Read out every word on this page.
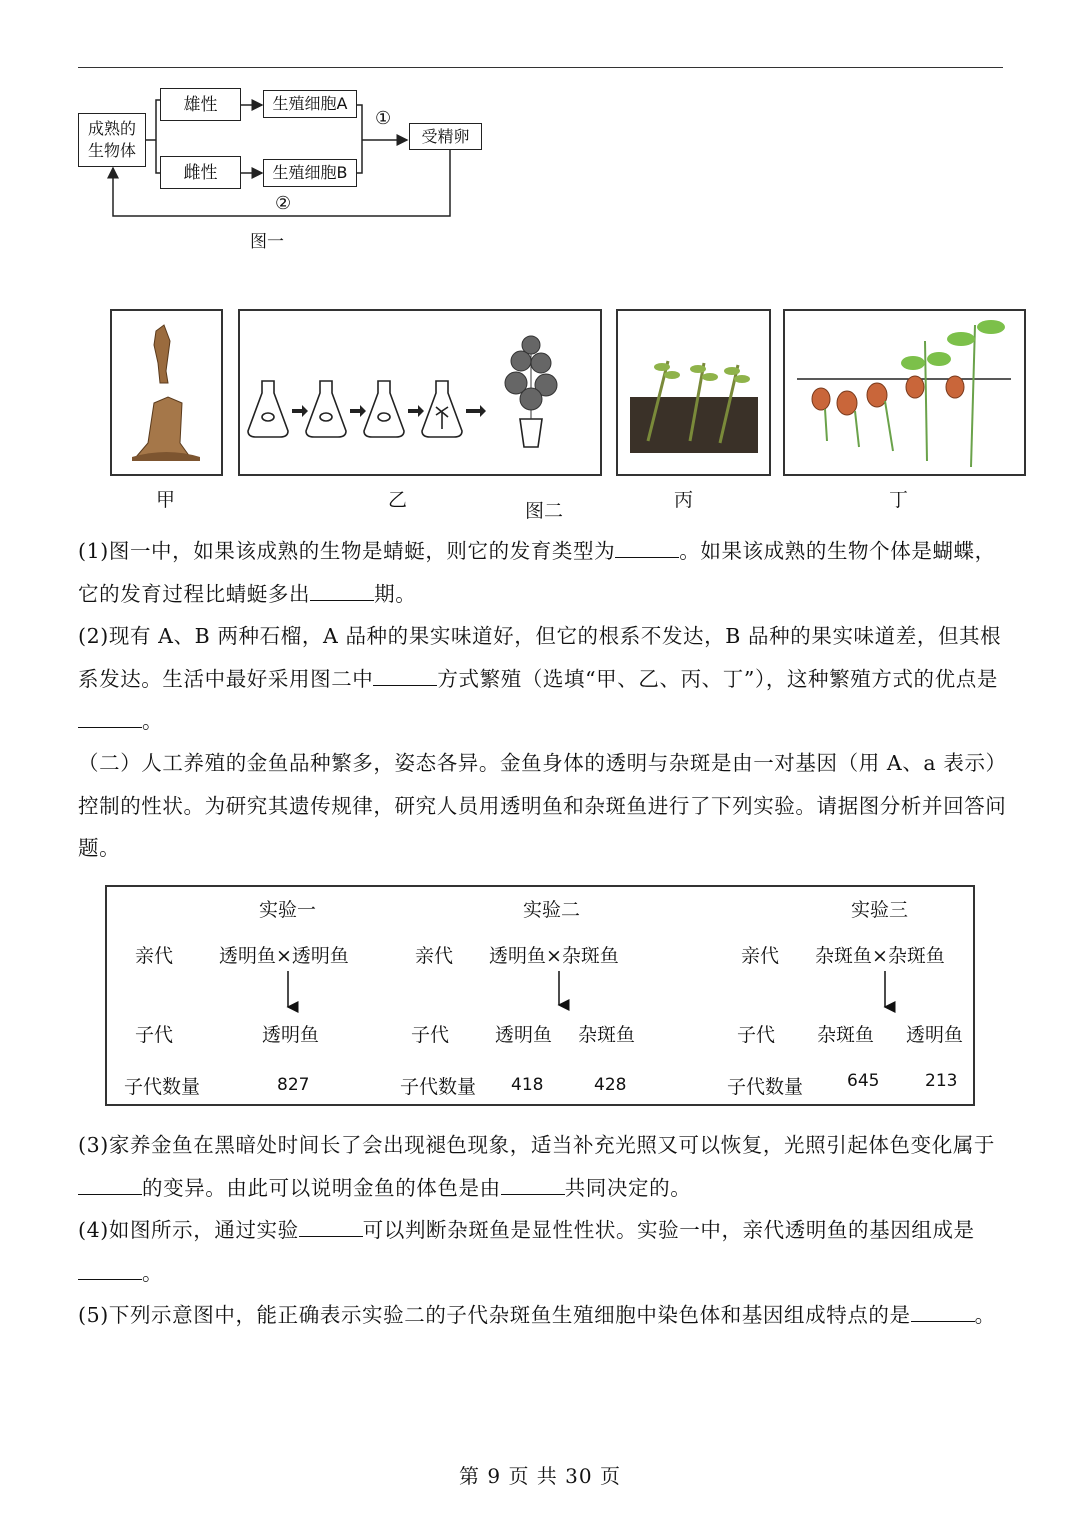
成熟的生物体
雄性
雌性
生殖细胞A
生殖细胞B
受精卵
①
②
图一
甲	乙	图二	丙	丁
(1)图一中，如果该成熟的生物是蜻蜓，则它的发育类型为	。如果该成熟的生物个体是蝴蝶，它的发育过程比蜻蜓多出	期。
(2)现有 A、B 两种石榴，A 品种的果实味道好，但它的根系不发达，B 品种的果实味道差，但其根系发达。生活中最好采用图二中	方式繁殖（选填“甲、乙、丙、丁”），这种繁殖方式的优点是。
（二）人工养殖的金鱼品种繁多，姿态各异。金鱼身体的透明与杂斑是由一对基因（用 A、a 表示）控制的性状。为研究其遗传规律，研究人员用透明鱼和杂斑鱼进行了下列实验。请据图分析并回答问题。
实验一	实验二	实验三
亲代 透明鱼×透明鱼	亲代 透明鱼×杂斑鱼	亲代 杂斑鱼×杂斑鱼
子代	透明鱼	子代 透明鱼 杂斑鱼	子代 杂斑鱼 透明鱼
子代数量	827	子代数量 418	428	子代数量	645	213
(3)家养金鱼在黑暗处时间长了会出现褪色现象，适当补充光照又可以恢复，光照引起体色变化属于的变异。由此可以说明金鱼的体色是由	共同决定的。
(4)如图所示，通过实验	可以判断杂斑鱼是显性性状。实验一中，亲代透明鱼的基因组成是。
(5)下列示意图中，能正确表示实验二的子代杂斑鱼生殖细胞中染色体和基因组成特点的是	。
第 9 页 共 30 页
